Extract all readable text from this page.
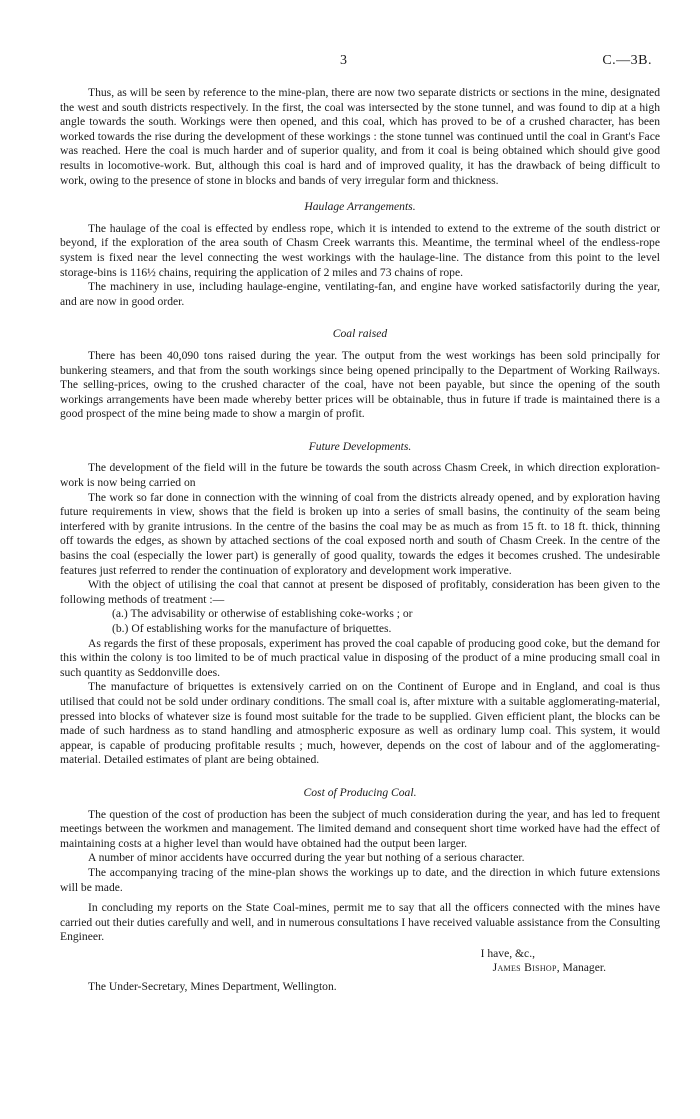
3	C.—3B.

Thus, as will be seen by reference to the mine-plan, there are now two separate districts or sections in the mine, designated the west and south districts respectively. In the first, the coal was intersected by the stone tunnel, and was found to dip at a high angle towards the south. Workings were then opened, and this coal, which has proved to be of a crushed character, has been worked towards the rise during the development of these workings : the stone tunnel was continued until the coal in Grant's Face was reached. Here the coal is much harder and of superior quality, and from it coal is being obtained which should give good results in locomotive-work. But, although this coal is hard and of improved quality, it has the drawback of being difficult to work, owing to the presence of stone in blocks and bands of very irregular form and thickness.

Haulage Arrangements.

The haulage of the coal is effected by endless rope, which it is intended to extend to the extreme of the south district or beyond, if the exploration of the area south of Chasm Creek warrants this. Meantime, the terminal wheel of the endless-rope system is fixed near the level connecting the west workings with the haulage-line. The distance from this point to the level storage-bins is 116½ chains, requiring the application of 2 miles and 73 chains of rope.

The machinery in use, including haulage-engine, ventilating-fan, and engine have worked satisfactorily during the year, and are now in good order.

Coal raised

There has been 40,090 tons raised during the year. The output from the west workings has been sold principally for bunkering steamers, and that from the south workings since being opened principally to the Department of Working Railways. The selling-prices, owing to the crushed character of the coal, have not been payable, but since the opening of the south workings arrangements have been made whereby better prices will be obtainable, thus in future if trade is maintained there is a good prospect of the mine being made to show a margin of profit.

Future Developments.

The development of the field will in the future be towards the south across Chasm Creek, in which direction exploration-work is now being carried on

The work so far done in connection with the winning of coal from the districts already opened, and by exploration having future requirements in view, shows that the field is broken up into a series of small basins, the continuity of the seam being interfered with by granite intrusions. In the centre of the basins the coal may be as much as from 15 ft. to 18 ft. thick, thinning off towards the edges, as shown by attached sections of the coal exposed north and south of Chasm Creek. In the centre of the basins the coal (especially the lower part) is generally of good quality, towards the edges it becomes crushed. The undesirable features just referred to render the continuation of exploratory and development work imperative.

With the object of utilising the coal that cannot at present be disposed of profitably, consideration has been given to the following methods of treatment :—

(a.) The advisability or otherwise of establishing coke-works ; or

(b.) Of establishing works for the manufacture of briquettes.

As regards the first of these proposals, experiment has proved the coal capable of producing good coke, but the demand for this within the colony is too limited to be of much practical value in disposing of the product of a mine producing small coal in such quantity as Seddonville does.

The manufacture of briquettes is extensively carried on on the Continent of Europe and in England, and coal is thus utilised that could not be sold under ordinary conditions. The small coal is, after mixture with a suitable agglomerating-material, pressed into blocks of whatever size is found most suitable for the trade to be supplied. Given efficient plant, the blocks can be made of such hardness as to stand handling and atmospheric exposure as well as ordinary lump coal. This system, it would appear, is capable of producing profitable results ; much, however, depends on the cost of labour and of the agglomerating-material. Detailed estimates of plant are being obtained.

Cost of Producing Coal.

The question of the cost of production has been the subject of much consideration during the year, and has led to frequent meetings between the workmen and management. The limited demand and consequent short time worked have had the effect of maintaining costs at a higher level than would have obtained had the output been larger.

A number of minor accidents have occurred during the year but nothing of a serious character.

The accompanying tracing of the mine-plan shows the workings up to date, and the direction in which future extensions will be made.

In concluding my reports on the State Coal-mines, permit me to say that all the officers connected with the mines have carried out their duties carefully and well, and in numerous consultations I have received valuable assistance from the Consulting Engineer.

I have, &c.,
James Bishop, Manager.
The Under-Secretary, Mines Department, Wellington.
